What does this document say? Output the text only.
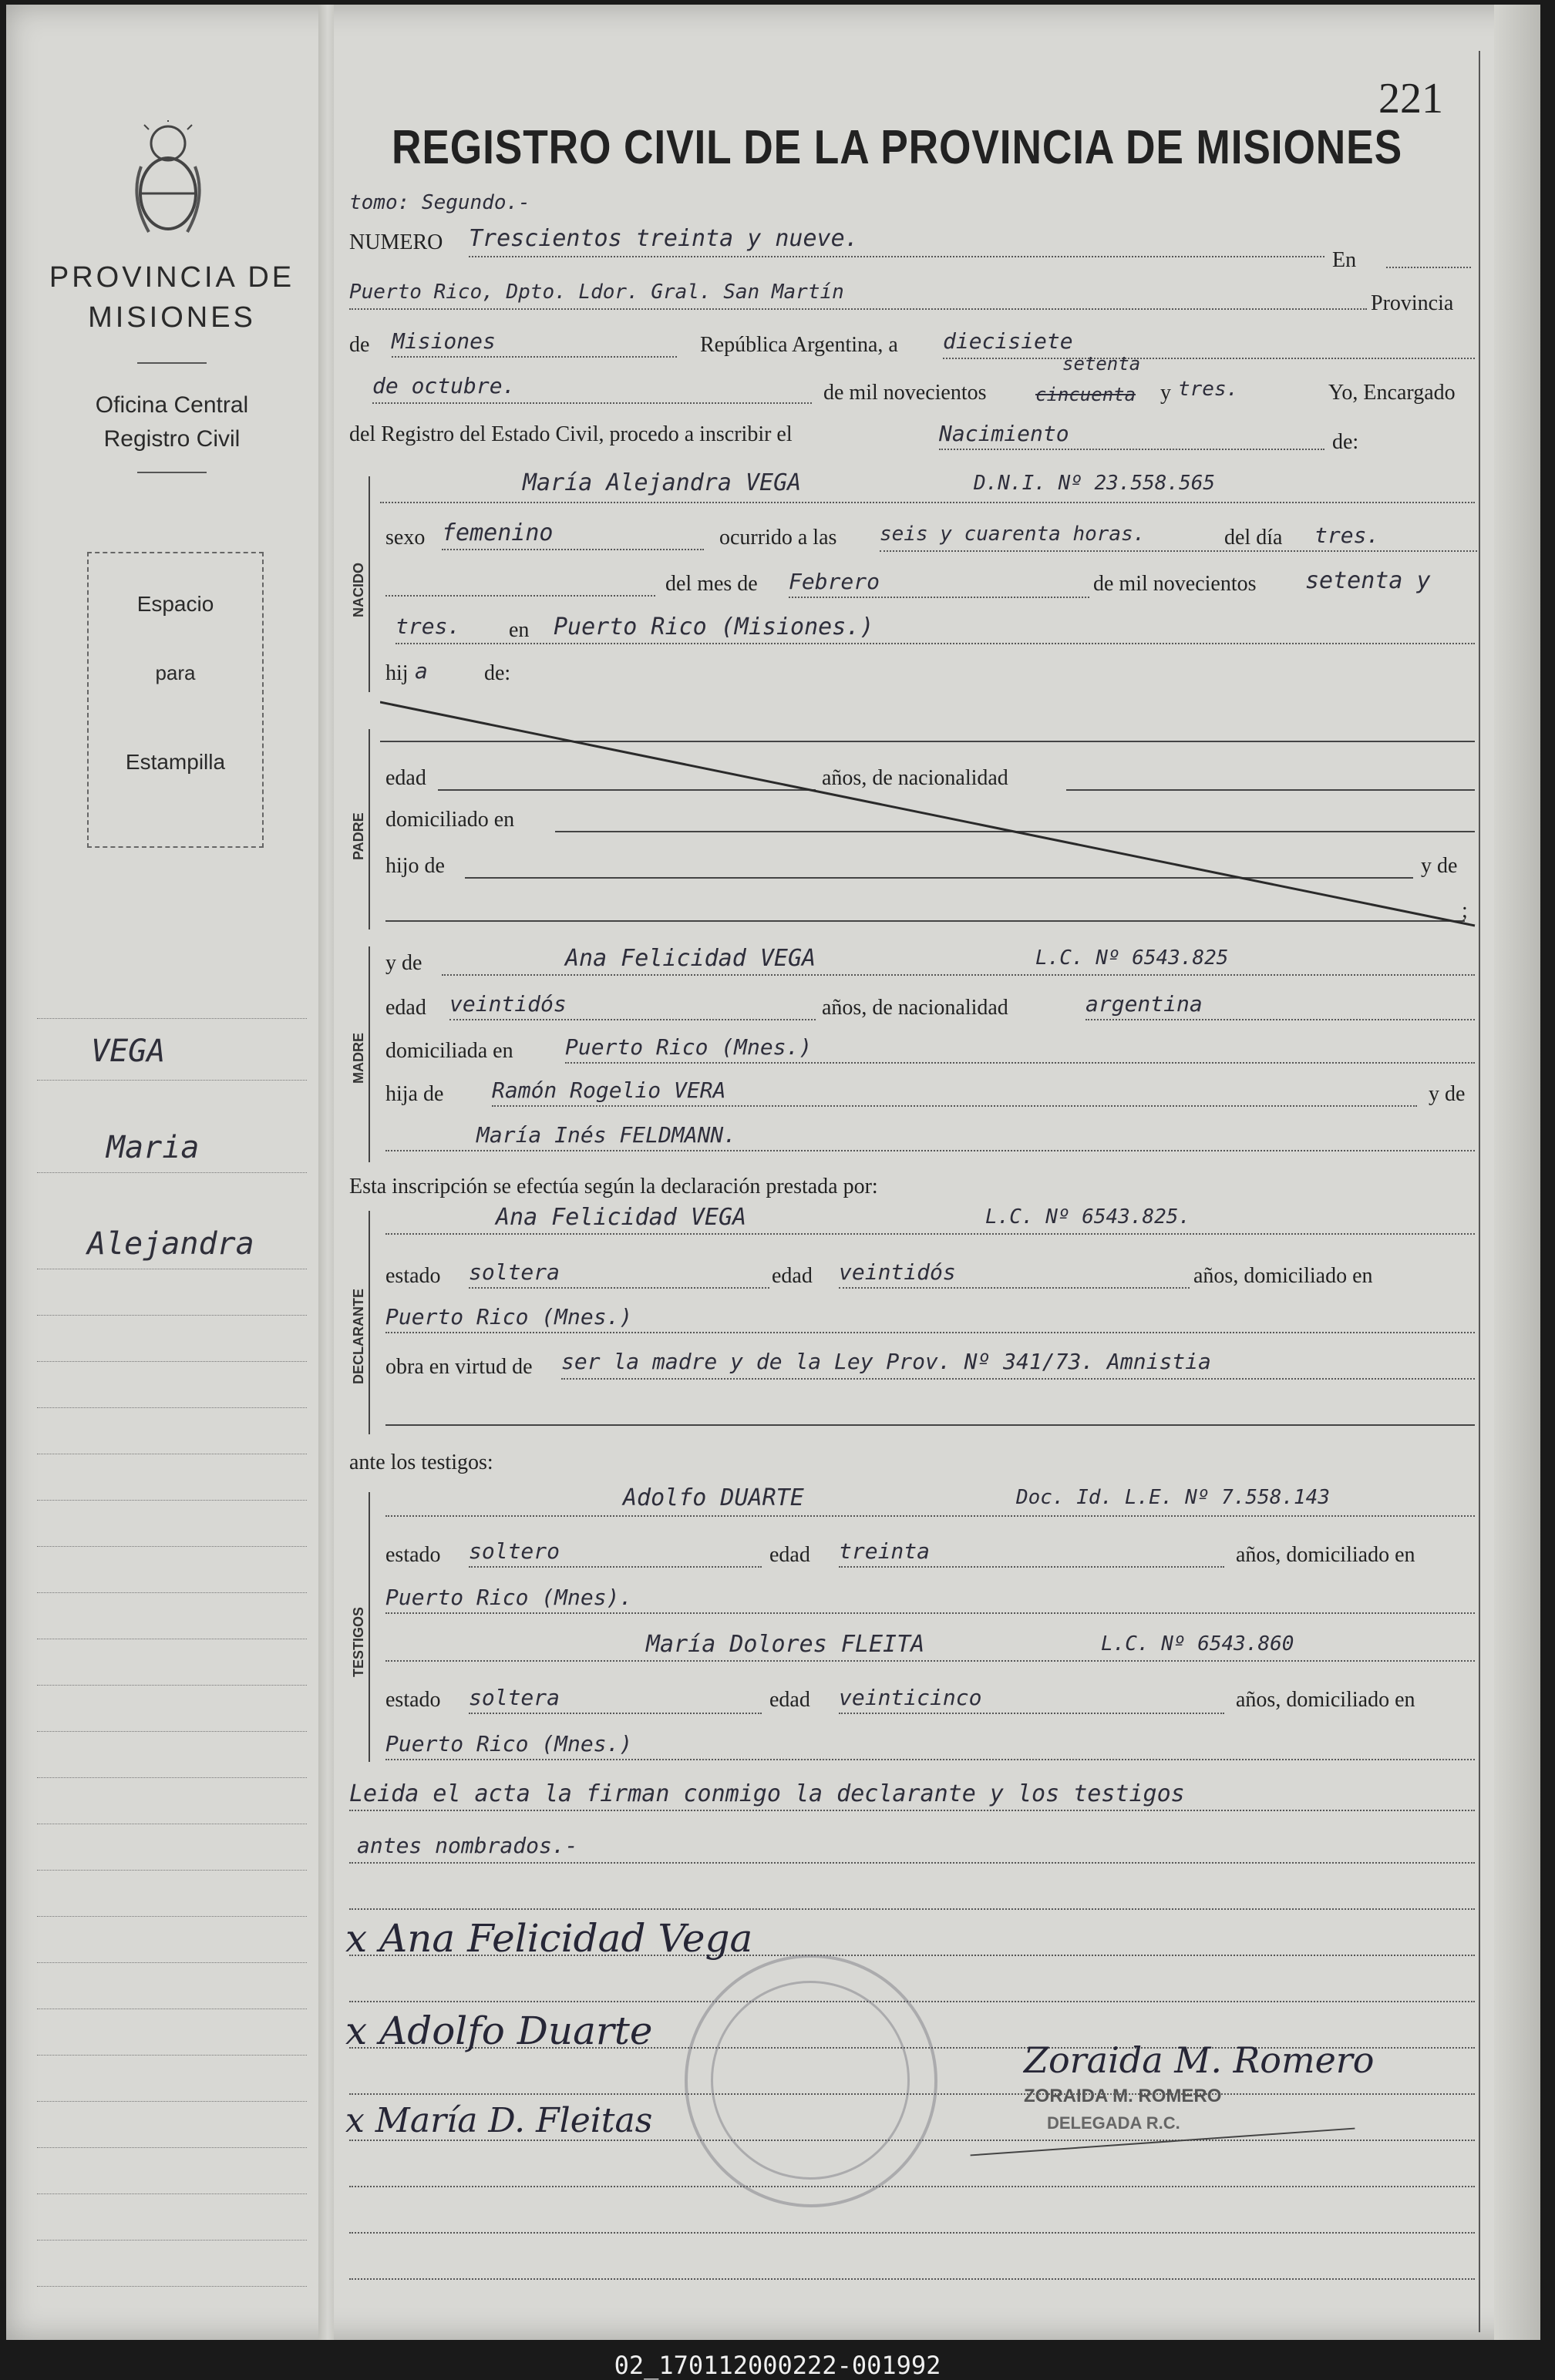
221
REGISTRO CIVIL DE LA PROVINCIA DE MISIONES
PROVINCIA DE
MISIONES
Oficina Central
Registro Civil
Espacio
para
Estampilla
VEGA
Maria
Alejandra
tomo: Segundo.-
NUMERO Trescientos treinta y nueve.
En
Puerto Rico, Dpto. Ldor. Gral. San Martín	Provincia
de Misiones	República Argentina, a diecisiete
de octubre.	de mil novecientos	cincuenta
setenta
y tres.	Yo, Encargado
del Registro del Estado Civil, procedo a inscribir el	Nacimiento	de:
NACIDO
María Alejandra VEGA	D.N.I. Nº 23.558.565
sexo femenino	ocurrido a las seis y cuarenta horas.	del día tres.
del mes de Febrero	de mil novecientos setenta y
tres. en Puerto Rico (Misiones.)
hij a	de:
PADRE
edad	años, de nacionalidad
domiciliado en
hijo de	y de
;
MADRE
y de	Ana Felicidad VEGA	L.C. Nº 6543.825
edad veintidós	años, de nacionalidad	argentina
domiciliada en Puerto Rico (Mnes.)
hija de Ramón Rogelio VERA	y de
María Inés FELDMANN.
Esta inscripción se efectúa según la declaración prestada por:
DECLARANTE
Ana Felicidad VEGA	L.C. Nº 6543.825.
estado soltera	edad veintidós	años, domiciliado en
Puerto Rico (Mnes.)
obra en virtud de ser la madre y de la Ley Prov. Nº 341/73. Amnistia
ante los testigos:
TESTIGOS
Adolfo DUARTE	Doc. Id. L.E. Nº 7.558.143
estado soltero	edad treinta	años, domiciliado en
Puerto Rico (Mnes).
María Dolores FLEITA	L.C. Nº 6543.860
estado soltera	edad veinticinco	años, domiciliado en
Puerto Rico (Mnes.)
Leida el acta la firman conmigo la declarante y los testigos
antes nombrados.-
x Ana Felicidad Vega
x Adolfo Duarte
x María D. Fleitas
Zoraida M. Romero
ZORAIDA M. ROMERO
DELEGADA R.C.
02_170112000222-001992
